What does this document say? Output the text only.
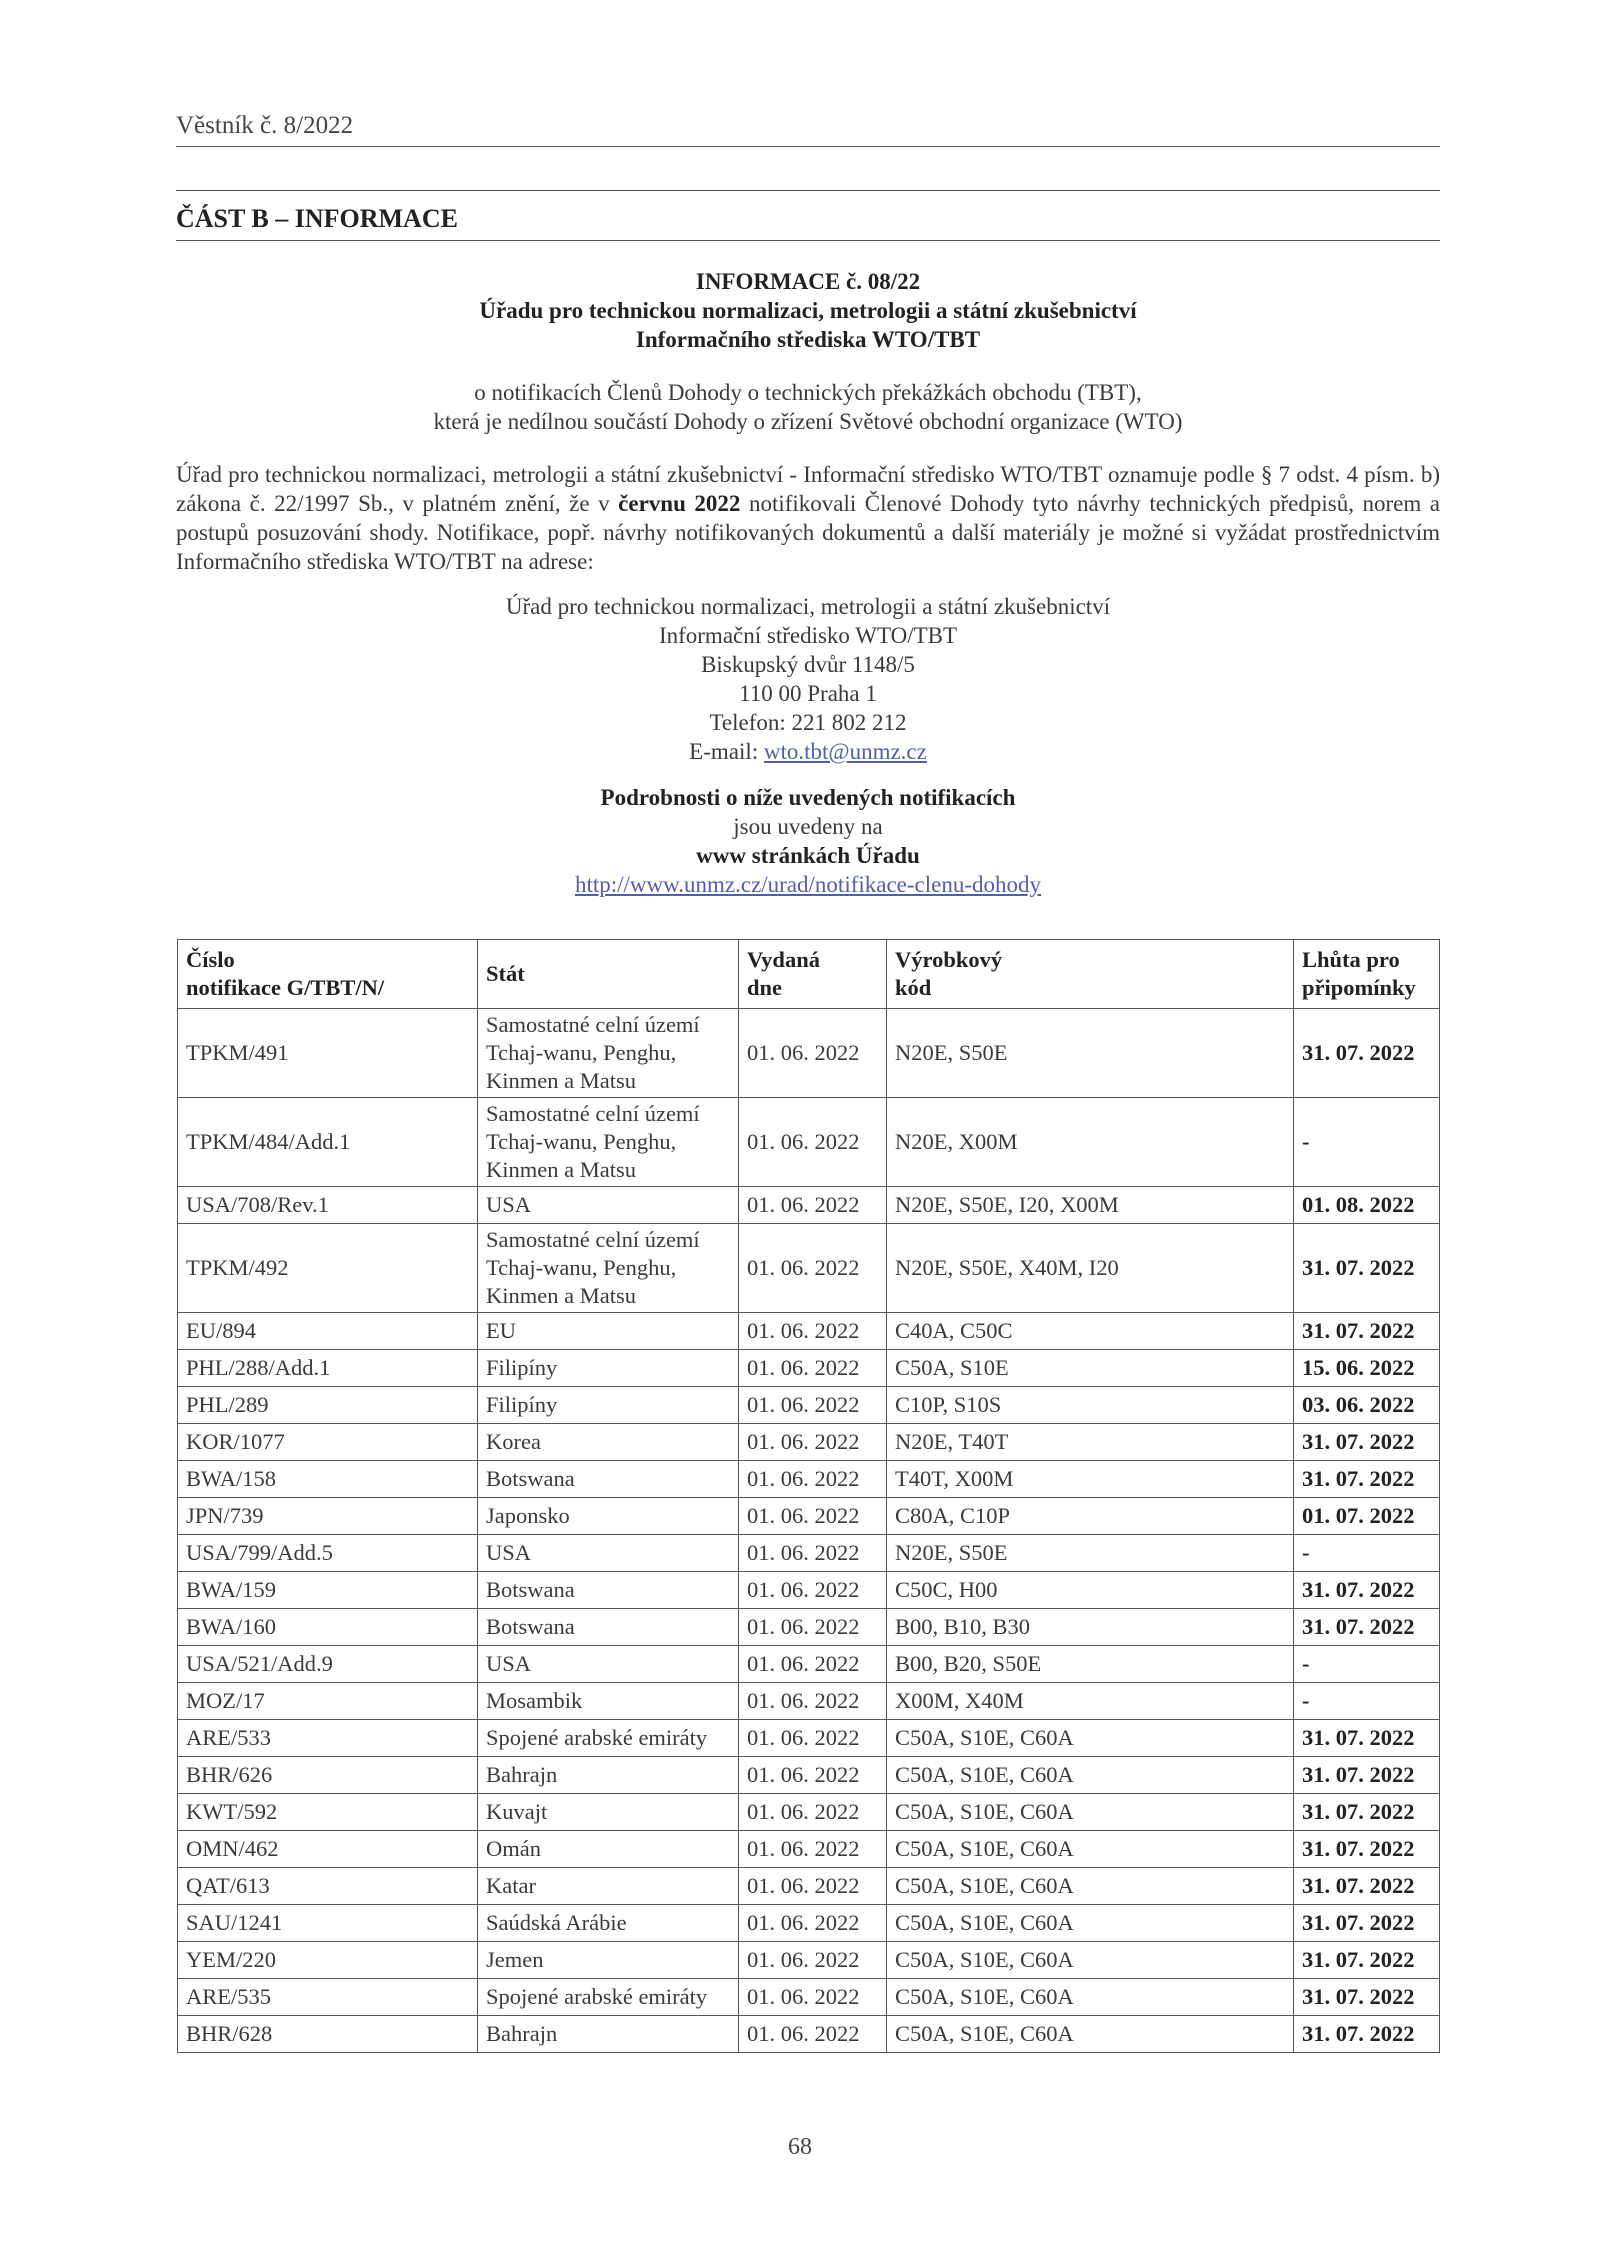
Věstník č. 8/2022
ČÁST B – INFORMACE
INFORMACE č. 08/22
Úřadu pro technickou normalizaci, metrologii a státní zkušebnictví
Informačního střediska WTO/TBT
o notifikacích Členů Dohody o technických překážkách obchodu (TBT),
která je nedílnou součástí Dohody o zřízení Světové obchodní organizace (WTO)
Úřad pro technickou normalizaci, metrologii a státní zkušebnictví - Informační středisko WTO/TBT oznamuje podle § 7 odst. 4 písm. b) zákona č. 22/1997 Sb., v platném znění, že v červnu 2022 notifikovali Členové Dohody tyto návrhy technických předpisů, norem a postupů posuzování shody. Notifikace, popř. návrhy notifikovaných dokumentů a další materiály je možné si vyžádat prostřednictvím Informačního střediska WTO/TBT na adrese:
Úřad pro technickou normalizaci, metrologii a státní zkušebnictví
Informační středisko WTO/TBT
Biskupský dvůr 1148/5
110 00 Praha 1
Telefon: 221 802 212
E-mail: wto.tbt@unmz.cz
Podrobnosti o níže uvedených notifikacích
jsou uvedeny na
www stránkách Úřadu
http://www.unmz.cz/urad/notifikace-clenu-dohody
Číslo
notifikace G/TBT/N/	Stát	Vydaná
dne	Výrobkový
kód	Lhůta pro
připomínky
TPKM/491	Samostatné celní území
Tchaj-wanu, Penghu,
Kinmen a Matsu	01. 06. 2022	N20E, S50E	31. 07. 2022
TPKM/484/Add.1	Samostatné celní území
Tchaj-wanu, Penghu,
Kinmen a Matsu	01. 06. 2022	N20E, X00M	-
USA/708/Rev.1	USA	01. 06. 2022	N20E, S50E, I20, X00M	01. 08. 2022
TPKM/492	Samostatné celní území
Tchaj-wanu, Penghu,
Kinmen a Matsu	01. 06. 2022	N20E, S50E, X40M, I20	31. 07. 2022
EU/894	EU	01. 06. 2022	C40A, C50C	31. 07. 2022
PHL/288/Add.1	Filipíny	01. 06. 2022	C50A, S10E	15. 06. 2022
PHL/289	Filipíny	01. 06. 2022	C10P, S10S	03. 06. 2022
KOR/1077	Korea	01. 06. 2022	N20E, T40T	31. 07. 2022
BWA/158	Botswana	01. 06. 2022	T40T, X00M	31. 07. 2022
JPN/739	Japonsko	01. 06. 2022	C80A, C10P	01. 07. 2022
USA/799/Add.5	USA	01. 06. 2022	N20E, S50E	-
BWA/159	Botswana	01. 06. 2022	C50C, H00	31. 07. 2022
BWA/160	Botswana	01. 06. 2022	B00, B10, B30	31. 07. 2022
USA/521/Add.9	USA	01. 06. 2022	B00, B20, S50E	-
MOZ/17	Mosambik	01. 06. 2022	X00M, X40M	-
ARE/533	Spojené arabské emiráty	01. 06. 2022	C50A, S10E, C60A	31. 07. 2022
BHR/626	Bahrajn	01. 06. 2022	C50A, S10E, C60A	31. 07. 2022
KWT/592	Kuvajt	01. 06. 2022	C50A, S10E, C60A	31. 07. 2022
OMN/462	Omán	01. 06. 2022	C50A, S10E, C60A	31. 07. 2022
QAT/613	Katar	01. 06. 2022	C50A, S10E, C60A	31. 07. 2022
SAU/1241	Saúdská Arábie	01. 06. 2022	C50A, S10E, C60A	31. 07. 2022
YEM/220	Jemen	01. 06. 2022	C50A, S10E, C60A	31. 07. 2022
ARE/535	Spojené arabské emiráty	01. 06. 2022	C50A, S10E, C60A	31. 07. 2022
BHR/628	Bahrajn	01. 06. 2022	C50A, S10E, C60A	31. 07. 2022
68
